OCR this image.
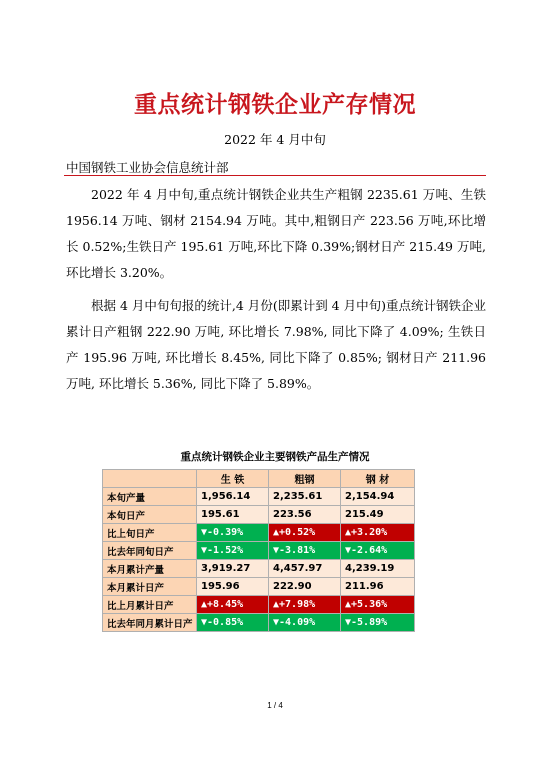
重点统计钢铁企业产存情况
2022 年 4 月中旬
中国钢铁工业协会信息统计部

2022 年 4 月中旬,重点统计钢铁企业共生产粗钢 2235.61 万吨、生铁 1956.14 万吨、钢材 2154.94 万吨。其中,粗钢日产 223.56 万吨,环比增长 0.52%;生铁日产 195.61 万吨,环比下降 0.39%;钢材日产 215.49 万吨,环比增长 3.20%。

根据 4 月中旬旬报的统计,4 月份(即累计到 4 月中旬)重点统计钢铁企业累计日产粗钢 222.90 万吨, 环比增长 7.98%, 同比下降了 4.09%; 生铁日产 195.96 万吨, 环比增长 8.45%, 同比下降了 0.85%; 钢材日产 211.96 万吨, 环比增长 5.36%, 同比下降了 5.89%。

重点统计钢铁企业主要钢铁产品生产情况
	生 铁	粗钢	钢 材
本旬产量	1,956.14	2,235.61	2,154.94
本旬日产	195.61	223.56	215.49
比上旬日产	▼-0.39%	▲+0.52%	▲+3.20%
比去年同旬日产	▼-1.52%	▼-3.81%	▼-2.64%
本月累计产量	3,919.27	4,457.97	4,239.19
本月累计日产	195.96	222.90	211.96
比上月累计日产	▲+8.45%	▲+7.98%	▲+5.36%
比去年同月累计日产	▼-0.85%	▼-4.09%	▼-5.89%
1 / 4
